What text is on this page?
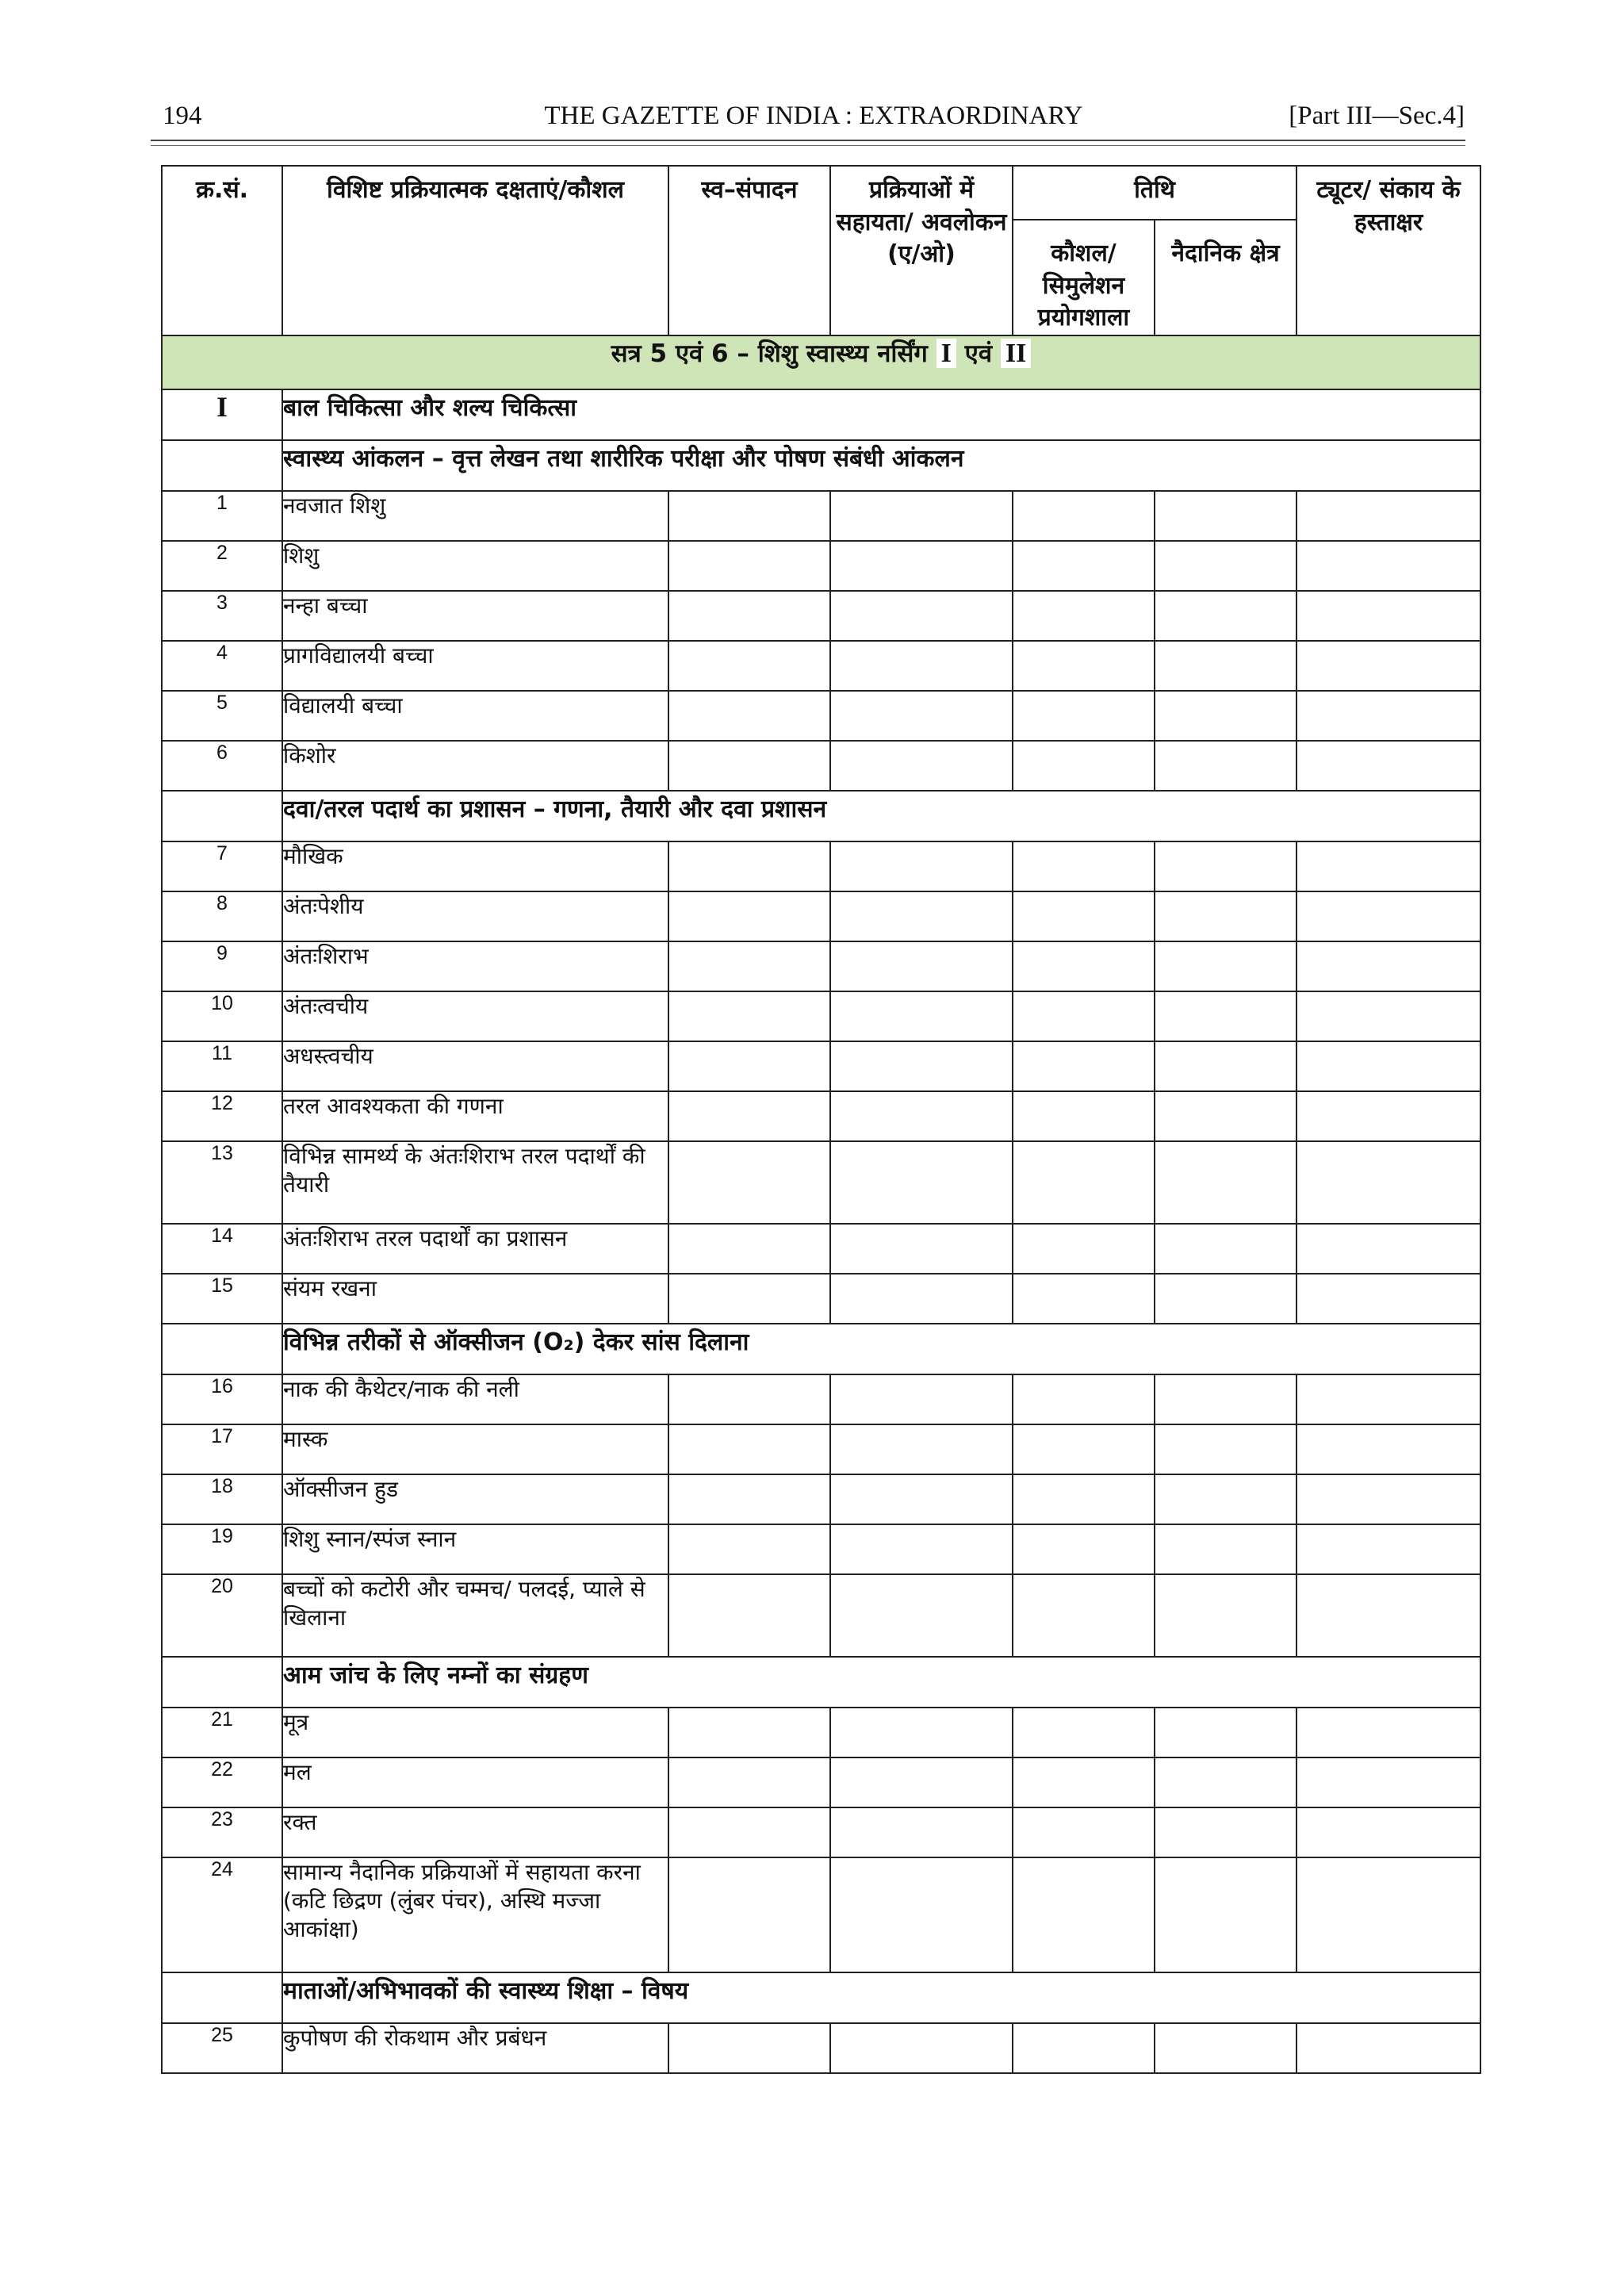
194	THE GAZETTE OF INDIA : EXTRAORDINARY	[Part III—Sec.4]
क्र.सं.	विशिष्ट प्रक्रियात्मक दक्षताएं/कौशल	स्व–संपादन	प्रक्रियाओं में सहायता/ अवलोकन (ए/ओ)	तिथि		ट्यूटर/ संकाय के हस्ताक्षर
				कौशल/ सिमुलेशन प्रयोगशाला	नैदानिक क्षेत्र	
सत्र 5 एवं 6 – शिशु स्वास्थ्य नर्सिंग I एवं II						
I	बाल चिकित्सा और शल्य चिकित्सा					
	स्वास्थ्य आंकलन – वृत्त लेखन तथा शारीरिक परीक्षा और पोषण संबंधी आंकलन					
1	नवजात शिशु					
2	शिशु					
3	नन्हा बच्चा					
4	प्रागविद्यालयी बच्चा					
5	विद्यालयी बच्चा					
6	किशोर					
	दवा/तरल पदार्थ का प्रशासन – गणना, तैयारी और दवा प्रशासन					
7	मौखिक					
8	अंतःपेशीय					
9	अंतःशिराभ					
10	अंतःत्वचीय					
11	अधस्त्वचीय					
12	तरल आवश्यकता की गणना					
13	विभिन्न सामर्थ्य के अंतःशिराभ तरल पदार्थों की तैयारी					
14	अंतःशिराभ तरल पदार्थों का प्रशासन					
15	संयम रखना					
	विभिन्न तरीकों से ऑक्सीजन (O₂) देकर सांस दिलाना					
16	नाक की कैथेटर/नाक की नली					
17	मास्क					
18	ऑक्सीजन हुड					
19	शिशु स्नान/स्पंज स्नान					
20	बच्चों को कटोरी और चम्मच/ पलदई, प्याले से खिलाना					
	आम जांच के लिए नम्नों का संग्रहण					
21	मूत्र					
22	मल					
23	रक्त					
24	सामान्य नैदानिक प्रक्रियाओं में सहायता करना (कटि छिद्रण (लुंबर पंचर), अस्थि मज्जा आकांक्षा)					
	माताओं/अभिभावकों की स्वास्थ्य शिक्षा – विषय					
25	कुपोषण की रोकथाम और प्रबंधन					
